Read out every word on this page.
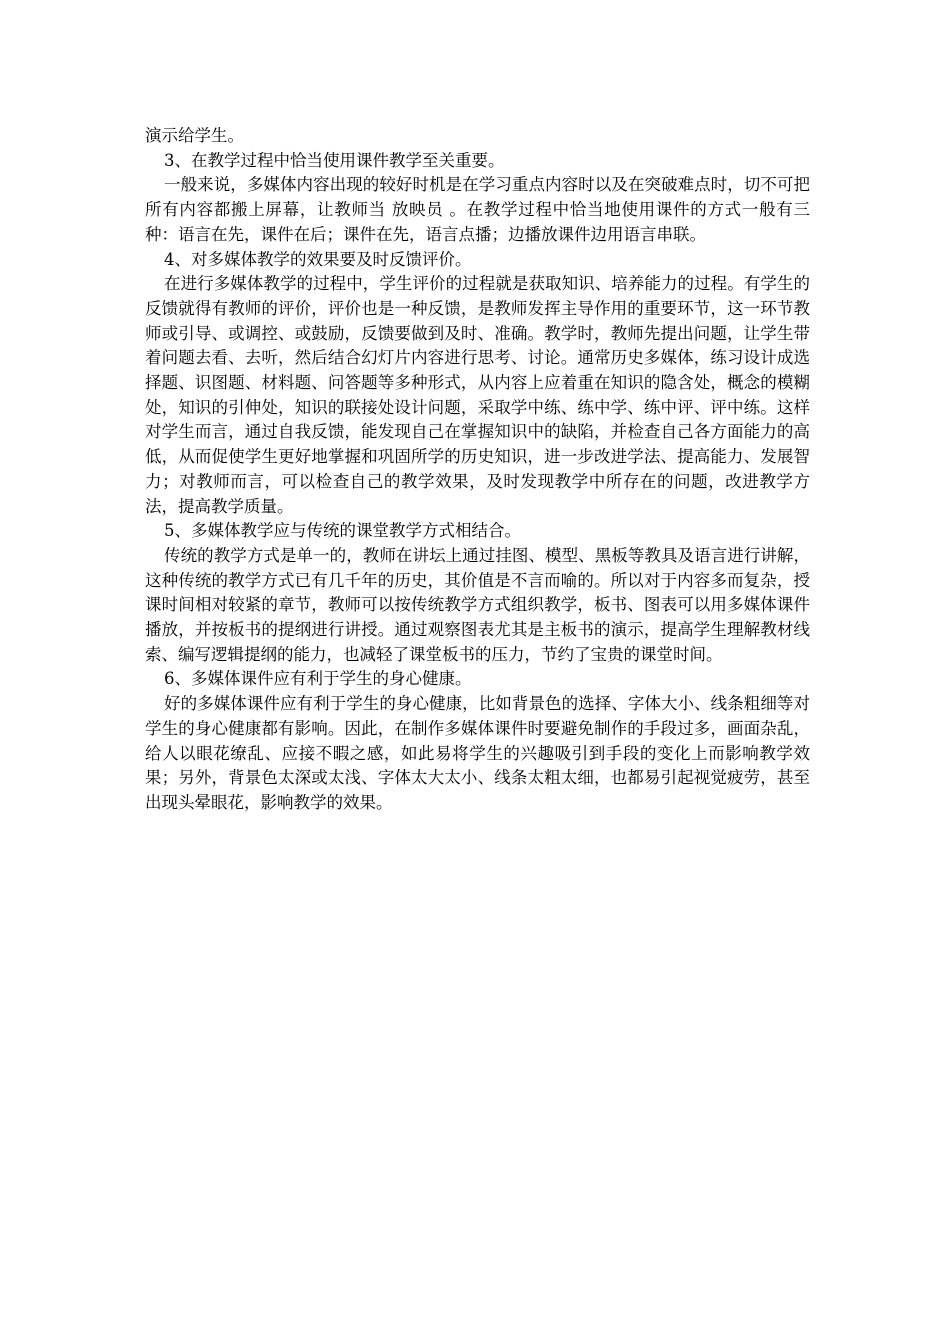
演示给学生。

3、在教学过程中恰当使用课件教学至关重要。

一般来说，多媒体内容出现的较好时机是在学习重点内容时以及在突破难点时，切不可把所有内容都搬上屏幕，让教师当 放映员 。在教学过程中恰当地使用课件的方式一般有三种：语言在先，课件在后；课件在先，语言点播；边播放课件边用语言串联。

4、对多媒体教学的效果要及时反馈评价。

在进行多媒体教学的过程中，学生评价的过程就是获取知识、培养能力的过程。有学生的反馈就得有教师的评价，评价也是一种反馈，是教师发挥主导作用的重要环节，这一环节教师或引导、或调控、或鼓励，反馈要做到及时、准确。教学时，教师先提出问题，让学生带着问题去看、去听，然后结合幻灯片内容进行思考、讨论。通常历史多媒体，练习设计成选择题、识图题、材料题、问答题等多种形式，从内容上应着重在知识的隐含处，概念的模糊处，知识的引伸处，知识的联接处设计问题，采取学中练、练中学、练中评、评中练。这样对学生而言，通过自我反馈，能发现自己在掌握知识中的缺陷，并检查自己各方面能力的高低，从而促使学生更好地掌握和巩固所学的历史知识，进一步改进学法、提高能力、发展智力；对教师而言，可以检查自己的教学效果，及时发现教学中所存在的问题，改进教学方法，提高教学质量。

5、多媒体教学应与传统的课堂教学方式相结合。

传统的教学方式是单一的，教师在讲坛上通过挂图、模型、黑板等教具及语言进行讲解，这种传统的教学方式已有几千年的历史，其价值是不言而喻的。所以对于内容多而复杂，授课时间相对较紧的章节，教师可以按传统教学方式组织教学，板书、图表可以用多媒体课件播放，并按板书的提纲进行讲授。通过观察图表尤其是主板书的演示，提高学生理解教材线索、编写逻辑提纲的能力，也减轻了课堂板书的压力，节约了宝贵的课堂时间。

6、多媒体课件应有利于学生的身心健康。

好的多媒体课件应有利于学生的身心健康，比如背景色的选择、字体大小、线条粗细等对学生的身心健康都有影响。因此，在制作多媒体课件时要避免制作的手段过多，画面杂乱，给人以眼花缭乱、应接不暇之感，如此易将学生的兴趣吸引到手段的变化上而影响教学效果；另外，背景色太深或太浅、字体太大太小、线条太粗太细，也都易引起视觉疲劳，甚至出现头晕眼花，影响教学的效果。
